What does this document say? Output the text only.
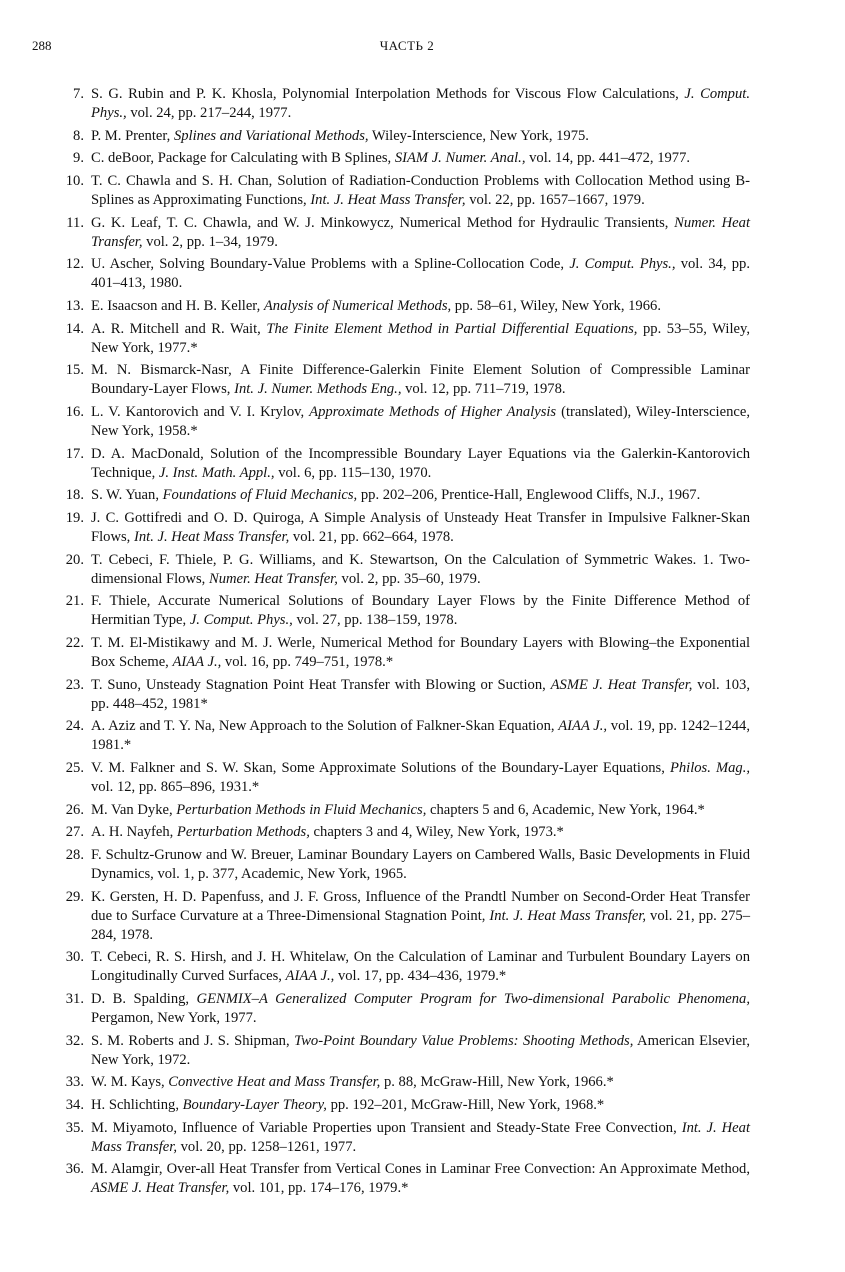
288	ЧАСТЬ 2
7. S. G. Rubin and P. K. Khosla, Polynomial Interpolation Methods for Viscous Flow Calculations, J. Comput. Phys., vol. 24, pp. 217–244, 1977.
8. P. M. Prenter, Splines and Variational Methods, Wiley-Interscience, New York, 1975.
9. C. deBoor, Package for Calculating with B Splines, SIAM J. Numer. Anal., vol. 14, pp. 441–472, 1977.
10. T. C. Chawla and S. H. Chan, Solution of Radiation-Conduction Problems with Collocation Method using B-Splines as Approximating Functions, Int. J. Heat Mass Transfer, vol. 22, pp. 1657–1667, 1979.
11. G. K. Leaf, T. C. Chawla, and W. J. Minkowycz, Numerical Method for Hydraulic Transients, Numer. Heat Transfer, vol. 2, pp. 1–34, 1979.
12. U. Ascher, Solving Boundary-Value Problems with a Spline-Collocation Code, J. Comput. Phys., vol. 34, pp. 401–413, 1980.
13. E. Isaacson and H. B. Keller, Analysis of Numerical Methods, pp. 58–61, Wiley, New York, 1966.
14. A. R. Mitchell and R. Wait, The Finite Element Method in Partial Differential Equations, pp. 53–55, Wiley, New York, 1977.*
15. M. N. Bismarck-Nasr, A Finite Difference-Galerkin Finite Element Solution of Compressible Laminar Boundary-Layer Flows, Int. J. Numer. Methods Eng., vol. 12, pp. 711–719, 1978.
16. L. V. Kantorovich and V. I. Krylov, Approximate Methods of Higher Analysis (translated), Wiley-Interscience, New York, 1958.*
17. D. A. MacDonald, Solution of the Incompressible Boundary Layer Equations via the Galerkin-Kantorovich Technique, J. Inst. Math. Appl., vol. 6, pp. 115–130, 1970.
18. S. W. Yuan, Foundations of Fluid Mechanics, pp. 202–206, Prentice-Hall, Englewood Cliffs, N.J., 1967.
19. J. C. Gottifredi and O. D. Quiroga, A Simple Analysis of Unsteady Heat Transfer in Impulsive Falkner-Skan Flows, Int. J. Heat Mass Transfer, vol. 21, pp. 662–664, 1978.
20. T. Cebeci, F. Thiele, P. G. Williams, and K. Stewartson, On the Calculation of Symmetric Wakes. 1. Two-dimensional Flows, Numer. Heat Transfer, vol. 2, pp. 35–60, 1979.
21. F. Thiele, Accurate Numerical Solutions of Boundary Layer Flows by the Finite Difference Method of Hermitian Type, J. Comput. Phys., vol. 27, pp. 138–159, 1978.
22. T. M. El-Mistikawy and M. J. Werle, Numerical Method for Boundary Layers with Blowing–the Exponential Box Scheme, AIAA J., vol. 16, pp. 749–751, 1978.*
23. T. Suno, Unsteady Stagnation Point Heat Transfer with Blowing or Suction, ASME J. Heat Transfer, vol. 103, pp. 448–452, 1981*
24. A. Aziz and T. Y. Na, New Approach to the Solution of Falkner-Skan Equation, AIAA J., vol. 19, pp. 1242–1244, 1981.*
25. V. M. Falkner and S. W. Skan, Some Approximate Solutions of the Boundary-Layer Equations, Philos. Mag., vol. 12, pp. 865–896, 1931.*
26. M. Van Dyke, Perturbation Methods in Fluid Mechanics, chapters 5 and 6, Academic, New York, 1964.*
27. A. H. Nayfeh, Perturbation Methods, chapters 3 and 4, Wiley, New York, 1973.*
28. F. Schultz-Grunow and W. Breuer, Laminar Boundary Layers on Cambered Walls, Basic Developments in Fluid Dynamics, vol. 1, p. 377, Academic, New York, 1965.
29. K. Gersten, H. D. Papenfuss, and J. F. Gross, Influence of the Prandtl Number on Second-Order Heat Transfer due to Surface Curvature at a Three-Dimensional Stagnation Point, Int. J. Heat Mass Transfer, vol. 21, pp. 275–284, 1978.
30. T. Cebeci, R. S. Hirsh, and J. H. Whitelaw, On the Calculation of Laminar and Turbulent Boundary Layers on Longitudinally Curved Surfaces, AIAA J., vol. 17, pp. 434–436, 1979.*
31. D. B. Spalding, GENMIX–A Generalized Computer Program for Two-dimensional Parabolic Phenomena, Pergamon, New York, 1977.
32. S. M. Roberts and J. S. Shipman, Two-Point Boundary Value Problems: Shooting Methods, American Elsevier, New York, 1972.
33. W. M. Kays, Convective Heat and Mass Transfer, p. 88, McGraw-Hill, New York, 1966.*
34. H. Schlichting, Boundary-Layer Theory, pp. 192–201, McGraw-Hill, New York, 1968.*
35. M. Miyamoto, Influence of Variable Properties upon Transient and Steady-State Free Convection, Int. J. Heat Mass Transfer, vol. 20, pp. 1258–1261, 1977.
36. M. Alamgir, Over-all Heat Transfer from Vertical Cones in Laminar Free Convection: An Approximate Method, ASME J. Heat Transfer, vol. 101, pp. 174–176, 1979.*
